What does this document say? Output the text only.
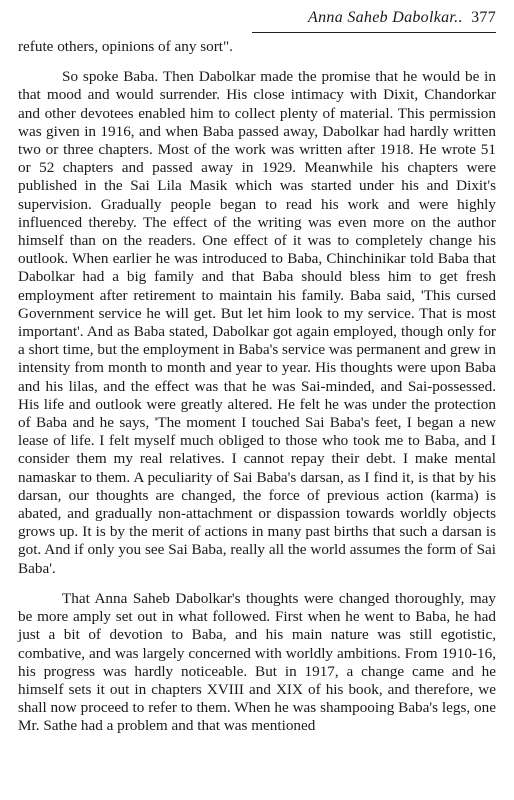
Anna Saheb Dabolkar.. 377

refute others, opinions of any sort".

So spoke Baba. Then Dabolkar made the promise that he would be in that mood and would surrender. His close intimacy with Dixit, Chandorkar and other devotees enabled him to collect plenty of material. This permission was given in 1916, and when Baba passed away, Dabolkar had hardly written two or three chapters. Most of the work was written after 1918. He wrote 51 or 52 chapters and passed away in 1929. Meanwhile his chapters were published in the Sai Lila Masik which was started under his and Dixit's supervision. Gradually people began to read his work and were highly influenced thereby. The effect of the writing was even more on the author himself than on the readers. One effect of it was to completely change his outlook. When earlier he was introduced to Baba, Chinchinikar told Baba that Dabolkar had a big family and that Baba should bless him to get fresh employment after retirement to maintain his family. Baba said, 'This cursed Government service he will get. But let him look to my service. That is most important'. And as Baba stated, Dabolkar got again employed, though only for a short time, but the employment in Baba's service was permanent and grew in intensity from month to month and year to year. His thoughts were upon Baba and his lilas, and the effect was that he was Sai-minded, and Sai-possessed. His life and outlook were greatly altered. He felt he was under the protection of Baba and he says, 'The moment I touched Sai Baba's feet, I began a new lease of life. I felt myself much obliged to those who took me to Baba, and I consider them my real relatives. I cannot repay their debt. I make mental namaskar to them. A peculiarity of Sai Baba's darsan, as I find it, is that by his darsan, our thoughts are changed, the force of previous action (karma) is abated, and gradually non-attachment or dispassion towards worldly objects grows up. It is by the merit of actions in many past births that such a darsan is got. And if only you see Sai Baba, really all the world assumes the form of Sai Baba'.

That Anna Saheb Dabolkar's thoughts were changed thoroughly, may be more amply set out in what followed. First when he went to Baba, he had just a bit of devotion to Baba, and his main nature was still egotistic, combative, and was largely concerned with worldly ambitions. From 1910-16, his progress was hardly noticeable. But in 1917, a change came and he himself sets it out in chapters XVIII and XIX of his book, and therefore, we shall now proceed to refer to them. When he was shampooing Baba's legs, one Mr. Sathe had a problem and that was mentioned
